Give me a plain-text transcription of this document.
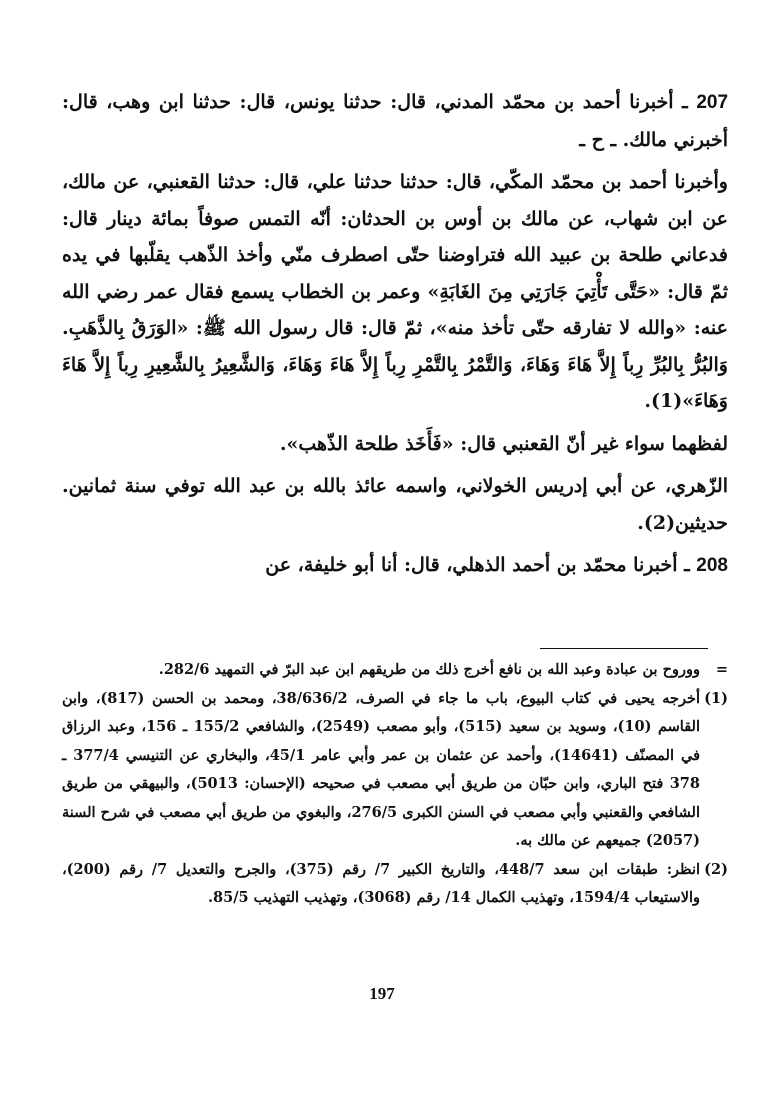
207 ـ أخبرنا أحمد بن محمّد المدني، قال: حدثنا يونس، قال: حدثنا ابن وهب، قال: أخبرني مالك. ـ ح ـ

وأخبرنا أحمد بن محمّد المكّي، قال: حدثنا حدثنا علي، قال: حدثنا القعنبي، عن مالك، عن ابن شهاب، عن مالك بن أوس بن الحدثان: أنّه التمس صوفاً بمائة دينار قال: فدعاني طلحة بن عبيد الله فتراوضنا حتّى اصطرف منّي وأخذ الذّهب يقلّبها في يده ثمّ قال: «حَتَّى تَأْتِيَ جَارَتِي مِنَ الغَابَةِ» وعمر بن الخطاب يسمع فقال عمر رضي الله عنه: «والله لا تفارقه حتّى تأخذ منه»، ثمّ قال: قال رسول الله ﷺ: «الوَرَقُ بِالذَّهَبِ. وَالبُرُّ بِالبُرِّ رِباً إِلاَّ هَاءَ وَهَاءَ، وَالتَّمْرُ بِالتَّمْرِ رِباً إِلاَّ هَاءَ وَهَاءَ، وَالشَّعِيرُ بِالشَّعِيرِ رِباً إِلاَّ هَاءَ وَهَاءَ»(1).

لفظهما سواء غير أنّ القعنبي قال: «فَأَخَذ طلحة الذّهب».

الزّهري، عن أبي إدريس الخولاني، واسمه عائذ بالله بن عبد الله توفي سنة ثمانين. حديثين(2).

208 ـ أخبرنا محمّد بن أحمد الذهلي، قال: أنا أبو خليفة، عن

=
ووروح بن عبادة وعبد الله بن نافع أخرج ذلك من طريقهم ابن عبد البرّ في التمهيد 282/6.
(1)
أخرجه يحيى في كتاب البيوع، باب ما جاء في الصرف، 38/636/2، ومحمد بن الحسن (817)، وابن القاسم (10)، وسويد بن سعيد (515)، وأبو مصعب (2549)، والشافعي 155/2 ـ 156، وعبد الرزاق في المصنّف (14641)، وأحمد عن عثمان بن عمر وأبي عامر 45/1، والبخاري عن التنيسي 377/4 ـ 378 فتح الباري، وابن حبّان من طريق أبي مصعب في صحيحه (الإحسان: 5013)، والبيهقي من طريق الشافعي والقعنبي وأبي مصعب في السنن الكبرى 276/5، والبغوي من طريق أبي مصعب في شرح السنة (2057) جميعهم عن مالك به.
(2)
انظر: طبقات ابن سعد 448/7، والتاريخ الكبير 7/ رقم (375)، والجرح والتعديل 7/ رقم (200)، والاستيعاب 1594/4، وتهذيب الكمال 14/ رقم (3068)، وتهذيب التهذيب 85/5.
197
